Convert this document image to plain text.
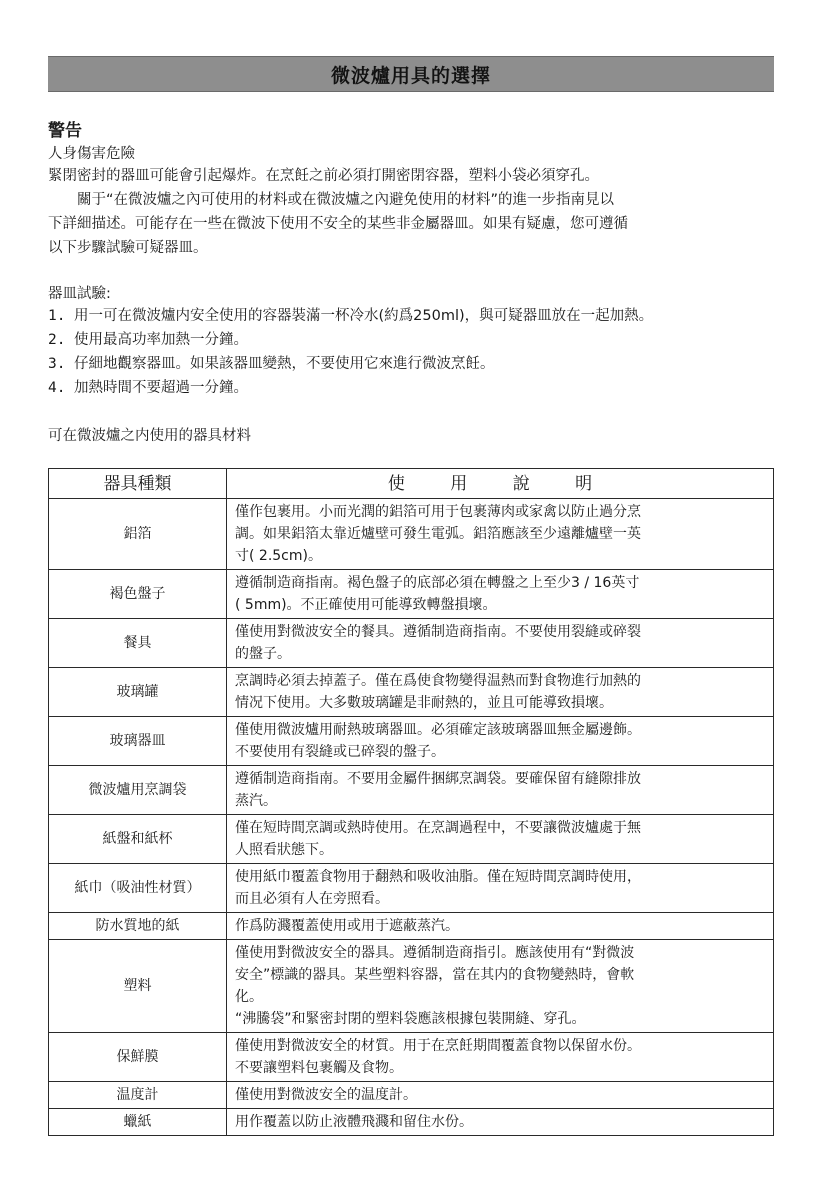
微波爐用具的選擇
警告
人身傷害危險
緊閉密封的器皿可能會引起爆炸。在烹飪之前必須打開密閉容器，塑料小袋必須穿孔。
關于“在微波爐之內可使用的材料或在微波爐之內避免使用的材料”的進一步指南見以
下詳細描述。可能存在一些在微波下使用不安全的某些非金屬器皿。如果有疑慮，您可遵循
以下步驟試驗可疑器皿。
器皿試驗:
1. 用一可在微波爐内安全使用的容器裝滿一杯冷水(約爲250ml)，與可疑器皿放在一起加熱。
2. 使用最高功率加熱一分鐘。
3. 仔細地觀察器皿。如果該器皿變熱，不要使用它來進行微波烹飪。
4. 加熱時間不要超過一分鐘。
可在微波爐之内使用的器具材料
器具種類	使 用 說 明
鋁箔	僅作包裹用。小而光潤的鋁箔可用于包裹薄肉或家禽以防止過分烹
調。如果鋁箔太靠近爐壁可發生電弧。鋁箔應該至少遠離爐壁一英
寸( 2.5cm)。

褐色盤子	遵循制造商指南。褐色盤子的底部必須在轉盤之上至少3 / 16英寸
( 5mm)。不正確使用可能導致轉盤損壞。

餐具	僅使用對微波安全的餐具。遵循制造商指南。不要使用裂縫或碎裂
的盤子。

玻璃罐	烹調時必須去掉蓋子。僅在爲使食物變得温熱而對食物進行加熱的
情况下使用。大多數玻璃罐是非耐熱的，並且可能導致損壞。

玻璃器皿	僅使用微波爐用耐熱玻璃器皿。必須確定該玻璃器皿無金屬邊飾。
不要使用有裂縫或已碎裂的盤子。

微波爐用烹調袋	遵循制造商指南。不要用金屬件捆綁烹調袋。要確保留有縫隙排放
蒸汽。

紙盤和紙杯	僅在短時間烹調或熱時使用。在烹調過程中，不要讓微波爐處于無
人照看狀態下。

紙巾（吸油性材質）	使用紙巾覆蓋食物用于翻熱和吸收油脂。僅在短時間烹調時使用，
而且必須有人在旁照看。

防水質地的紙	作爲防濺覆蓋使用或用于遮蔽蒸汽。

塑料	僅使用對微波安全的器具。遵循制造商指引。應該使用有“對微波
安全”標識的器具。某些塑料容器，當在其内的食物變熱時，會軟
化。
“沸騰袋”和緊密封閉的塑料袋應該根據包裝開縫、穿孔。

保鮮膜	僅使用對微波安全的材質。用于在烹飪期間覆蓋食物以保留水份。
不要讓塑料包裹觸及食物。

温度計	僅使用對微波安全的温度計。

蠟紙	用作覆蓋以防止液體飛濺和留住水份。
